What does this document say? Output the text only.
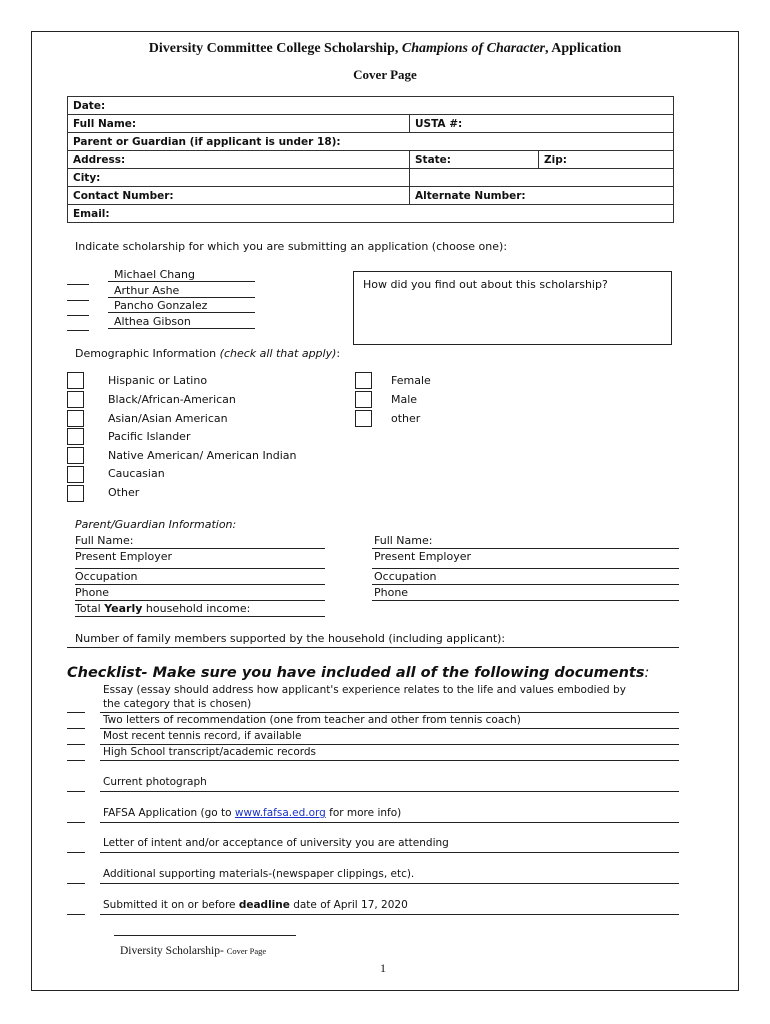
Diversity Committee College Scholarship, Champions of Character, Application
Cover Page
Date:		
Full Name:	USTA #:	
Parent or Guardian (if applicant is under 18):		
Address:	State:	Zip:
City:		
Contact Number:	Alternate Number:	
Email:		
Indicate scholarship for which you are submitting an application (choose one):
Michael Chang
Arthur Ashe
Pancho Gonzalez
Althea Gibson
How did you find out about this scholarship?
Demographic Information (check all that apply):
Hispanic or Latino
Black/African-American
Asian/Asian American
Pacific Islander
Native American/ American Indian
Caucasian
Other
Female
Male
other
Parent/Guardian Information:
Full Name:
Present Employer
Occupation
Phone
Total Yearly household income:
Full Name:
Present Employer
Occupation
Phone
Number of family members supported by the household (including applicant):
Checklist- Make sure you have included all of the following documents:
Essay (essay should address how applicant's experience relates to the life and values embodied by
the category that is chosen)
Two letters of recommendation (one from teacher and other from tennis coach)
Most recent tennis record, if available
High School transcript/academic records
Current photograph
FAFSA Application (go to www.fafsa.ed.org for more info)
Letter of intent and/or acceptance of university you are attending
Additional supporting materials-(newspaper clippings, etc).
Submitted it on or before deadline date of April 17, 2020
Diversity Scholarship- Cover Page
1
